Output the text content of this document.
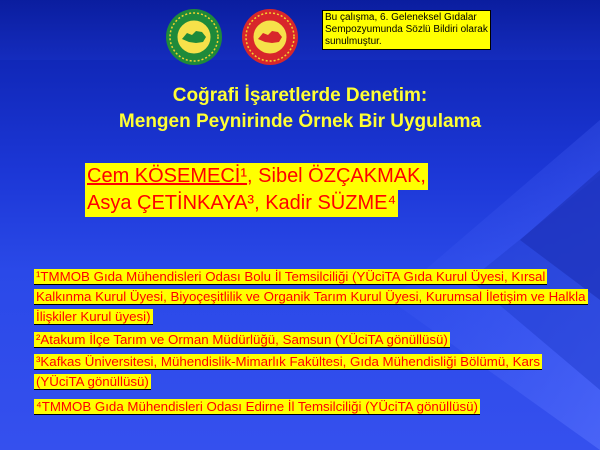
Bu çalışma, 6. Geleneksel Gıdalar Sempozyumunda Sözlü Bildiri olarak sunulmuştur.
Coğrafi İşaretlerde Denetim:
Mengen Peynirinde Örnek Bir Uygulama
Cem KÖSEMECİ¹, Sibel ÖZÇAKMAK,
Asya ÇETİNKAYA³, Kadir SÜZME⁴
¹TMMOB Gıda Mühendisleri Odası Bolu İl Temsilciliği (YÜciTA Gıda Kurul Üyesi, Kırsal Kalkınma Kurul Üyesi, Biyoçeşitlilik ve Organik Tarım Kurul Üyesi, Kurumsal İletişim ve Halkla İlişkiler Kurul üyesi)
²Atakum İlçe Tarım ve Orman Müdürlüğü, Samsun (YÜciTA gönüllüsü)
³Kafkas Üniversitesi, Mühendislik-Mimarlık Fakültesi, Gıda Mühendisliği Bölümü, Kars (YÜciTA gönüllüsü)
⁴TMMOB Gıda Mühendisleri Odası Edirne İl Temsilciliği (YÜciTA gönüllüsü)
